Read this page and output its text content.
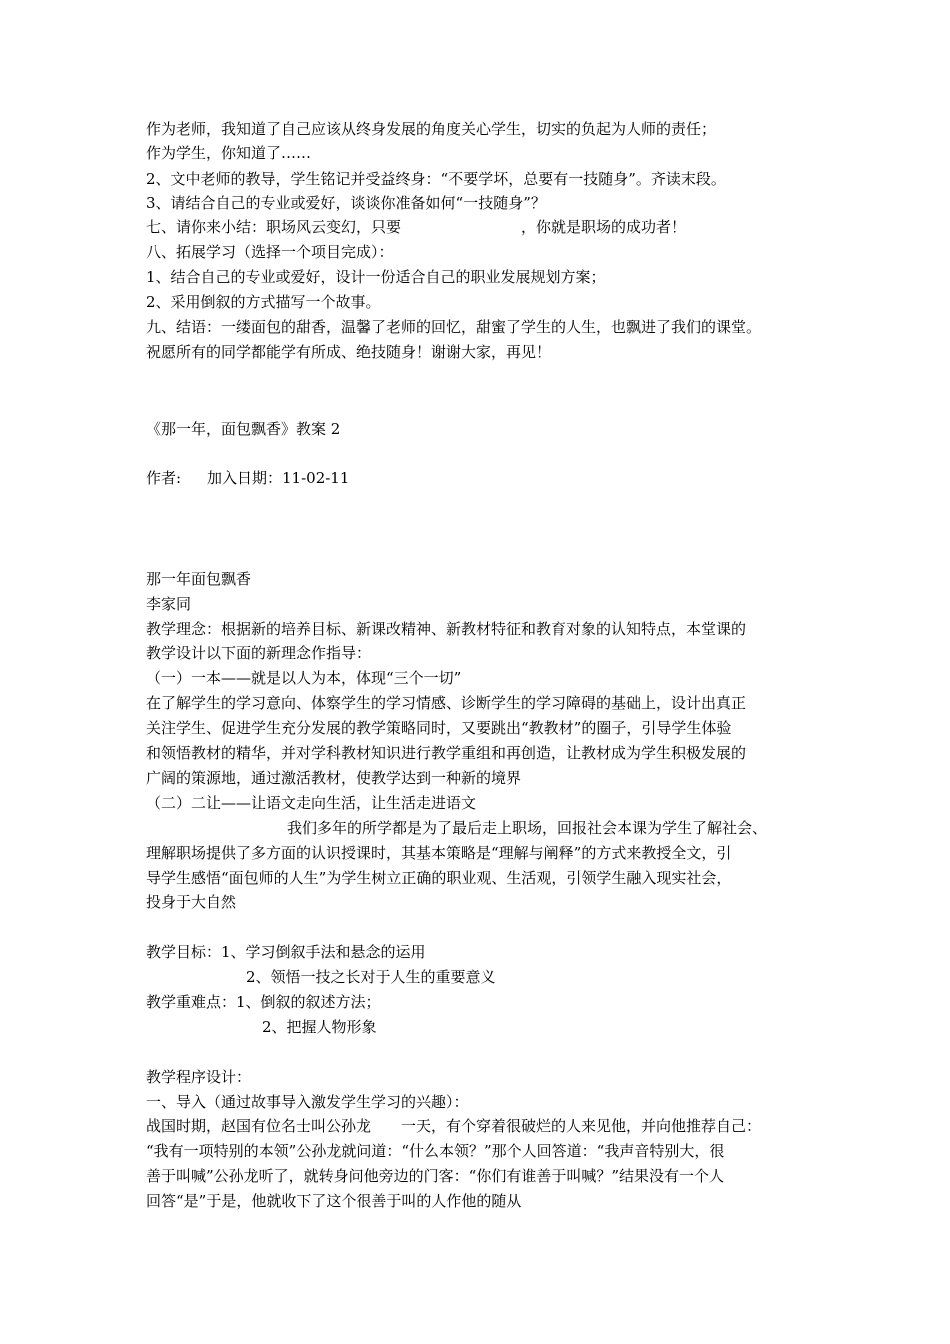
作为老师，我知道了自己应该从终身发展的角度关心学生，切实的负起为人师的责任；
作为学生，你知道了……
2、文中老师的教导，学生铭记并受益终身：“不要学坏，总要有一技随身”。齐读末段。
3、请结合自己的专业或爱好，谈谈你准备如何“一技随身”？
七、请你来小结：职场风云变幻，只要	，你就是职场的成功者！
八、拓展学习（选择一个项目完成）：
1、结合自己的专业或爱好，设计一份适合自己的职业发展规划方案；
2、采用倒叙的方式描写一个故事。
九、结语：一缕面包的甜香，温馨了老师的回忆，甜蜜了学生的人生，也飘进了我们的课堂。
祝愿所有的同学都能学有所成、绝技随身！谢谢大家，再见！
《那一年，面包飘香》教案 2
作者: 加入日期：11-02-11
那一年面包飘香
李家同
教学理念：根据新的培养目标、新课改精神、新教材特征和教育对象的认知特点，本堂课的
教学设计以下面的新理念作指导：
（一）一本——就是以人为本，体现“三个一切”
在了解学生的学习意向、体察学生的学习情感、诊断学生的学习障碍的基础上，设计出真正
关注学生、促进学生充分发展的教学策略同时，又要跳出“教教材”的圈子，引导学生体验
和领悟教材的精华，并对学科教材知识进行教学重组和再创造，让教材成为学生积极发展的
广阔的策源地，通过激活教材，使教学达到一种新的境界
（二）二让——让语文走向生活，让生活走进语文
我们多年的所学都是为了最后走上职场，回报社会本课为学生了解社会、
理解职场提供了多方面的认识授课时，其基本策略是“理解与阐释”的方式来教授全文，引
导学生感悟“面包师的人生”为学生树立正确的职业观、生活观，引领学生融入现实社会，
投身于大自然
教学目标：1、学习倒叙手法和悬念的运用
2、领悟一技之长对于人生的重要意义
教学重难点：1、倒叙的叙述方法；
2、把握人物形象
教学程序设计：
一、导入（通过故事导入激发学生学习的兴趣）：
战国时期，赵国有位名士叫公孙龙　　一天，有个穿着很破烂的人来见他，并向他推荐自己：
“我有一项特别的本领”公孙龙就问道：“什么本领？”那个人回答道：“我声音特别大，很
善于叫喊”公孙龙听了，就转身问他旁边的门客：“你们有谁善于叫喊？”结果没有一个人
回答“是”于是，他就收下了这个很善于叫的人作他的随从
